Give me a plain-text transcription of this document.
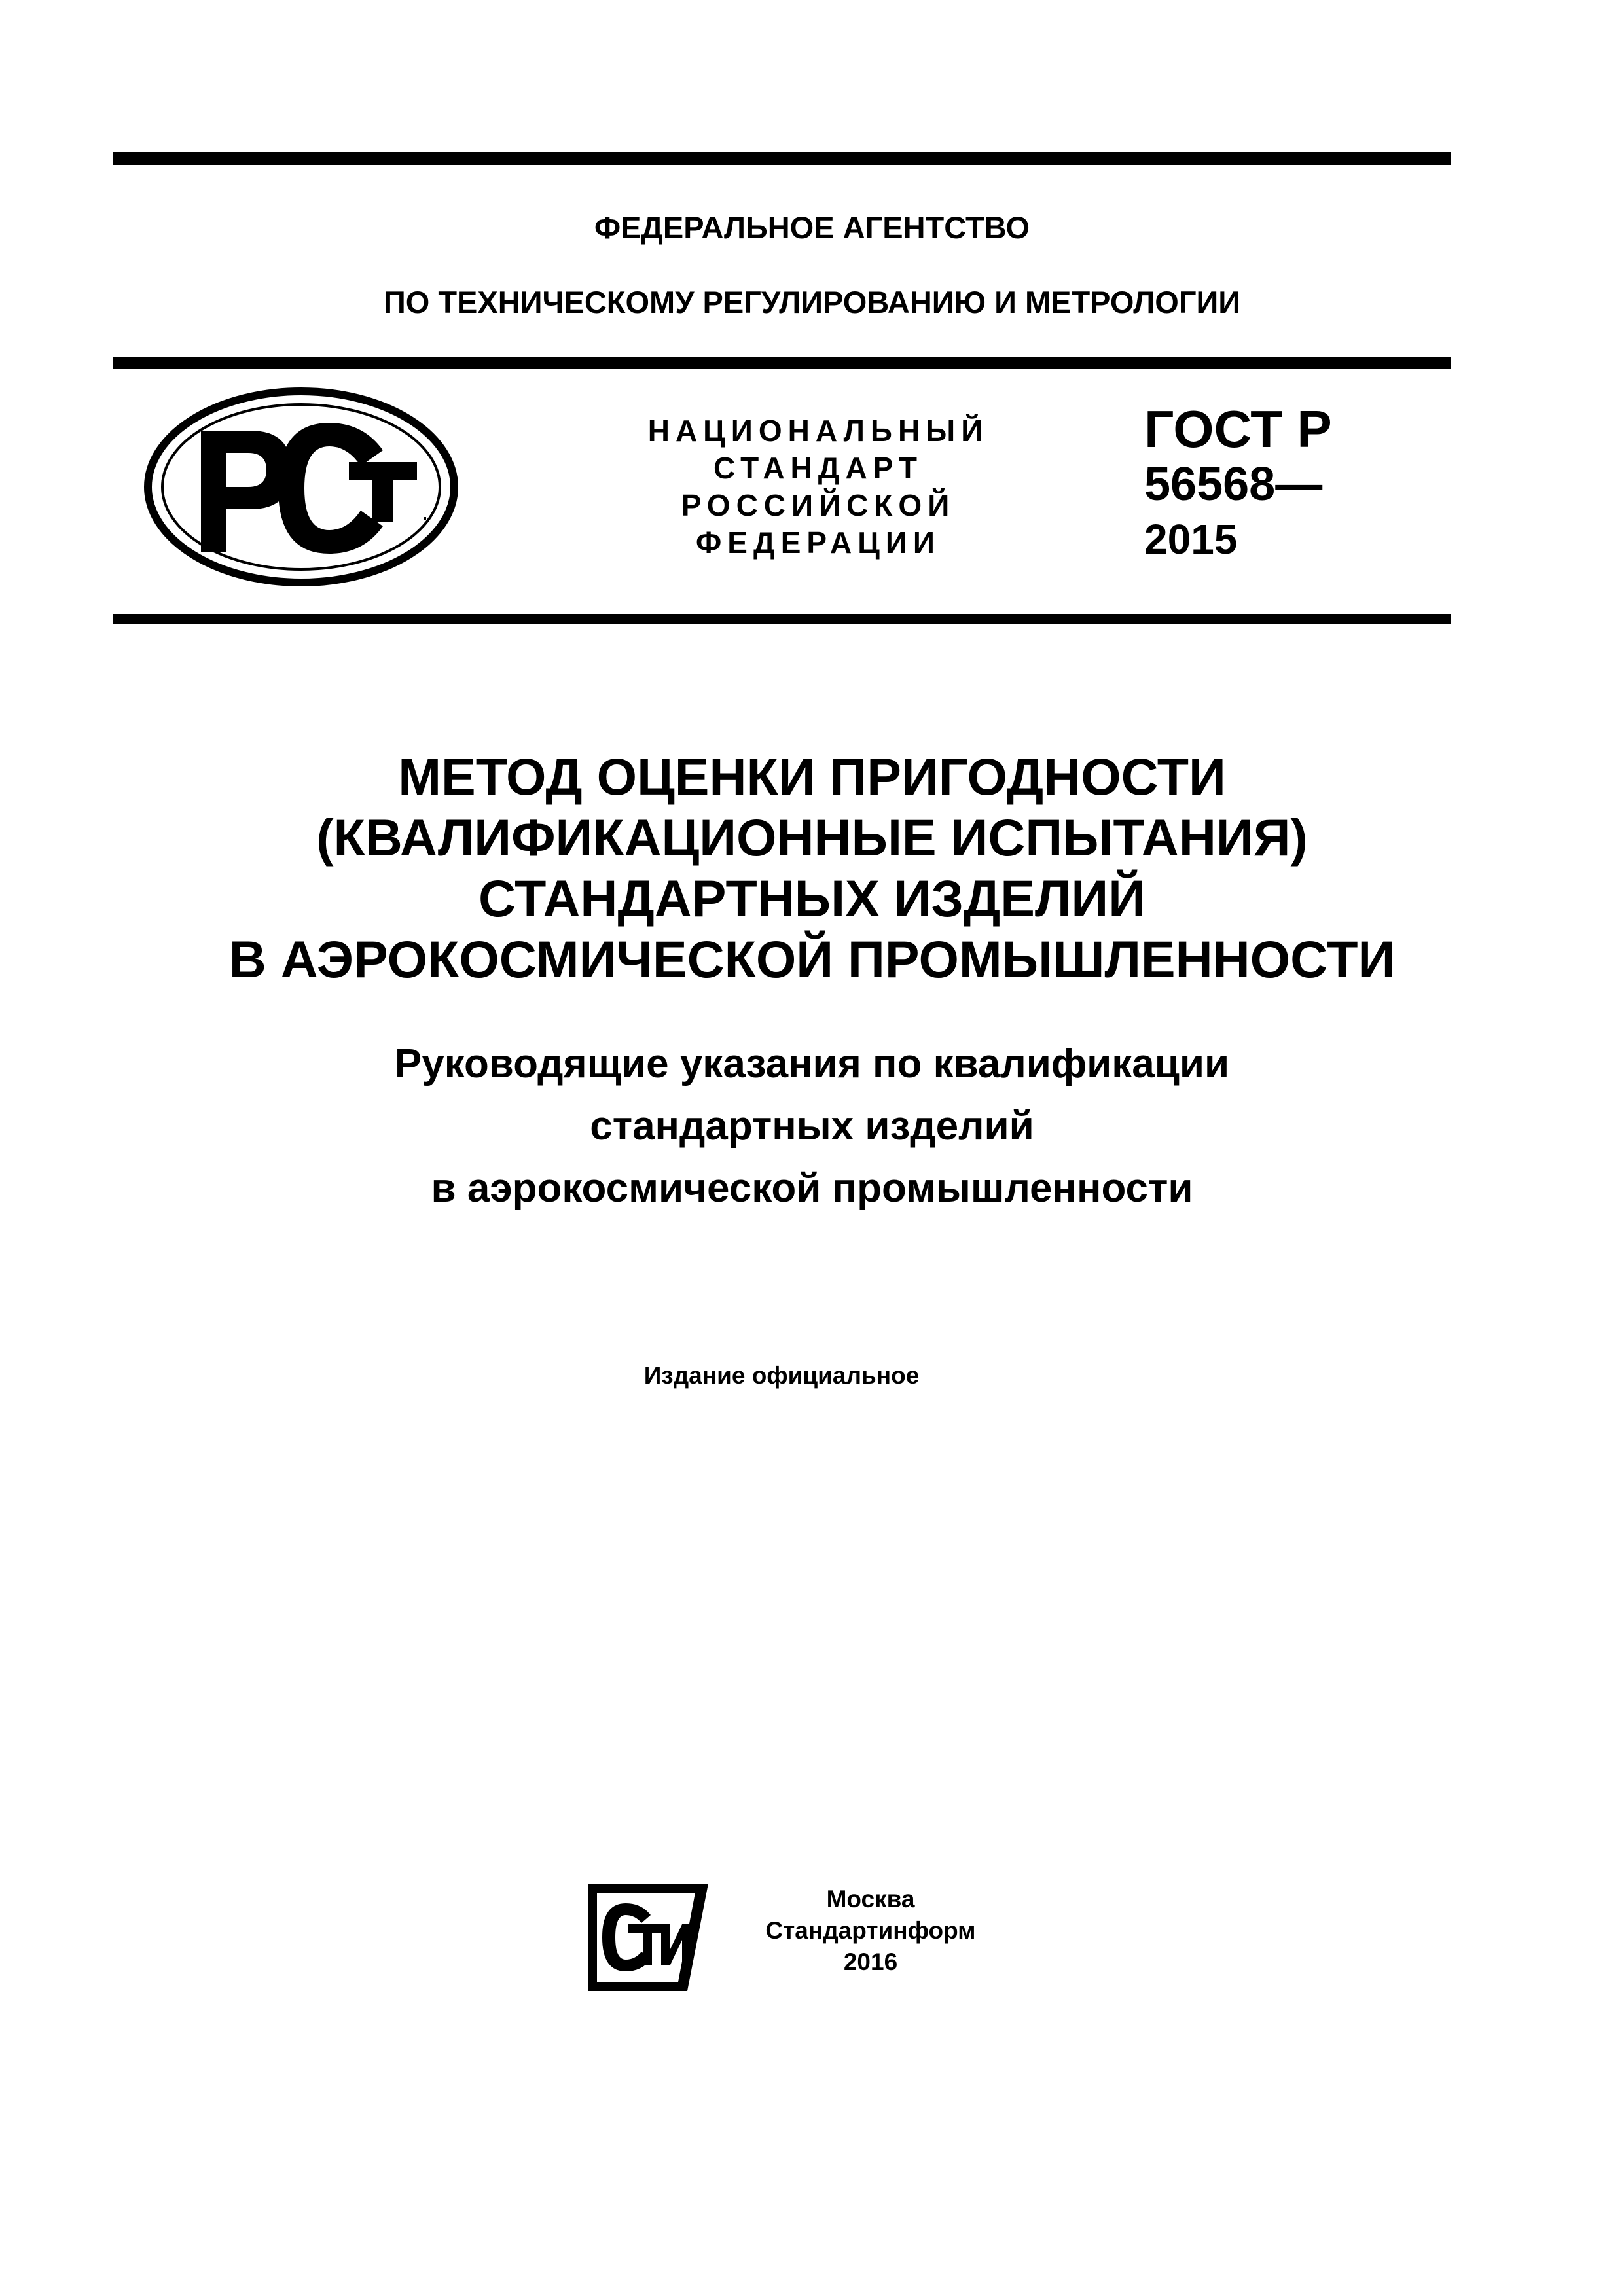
ФЕДЕРАЛЬНОЕ АГЕНТСТВО
ПО ТЕХНИЧЕСКОМУ РЕГУЛИРОВАНИЮ И МЕТРОЛОГИИ
НАЦИОНАЛЬНЫЙ
СТАНДАРТ
РОССИЙСКОЙ
ФЕДЕРАЦИИ
ГОСТ Р
56568—
2015
МЕТОД ОЦЕНКИ ПРИГОДНОСТИ
(КВАЛИФИКАЦИОННЫЕ ИСПЫТАНИЯ)
СТАНДАРТНЫХ ИЗДЕЛИЙ
В АЭРОКОСМИЧЕСКОЙ ПРОМЫШЛЕННОСТИ
Руководящие указания по квалификации
стандартных изделий
в аэрокосмической промышленности
Издание официальное
Москва
Стандартинформ
2016
